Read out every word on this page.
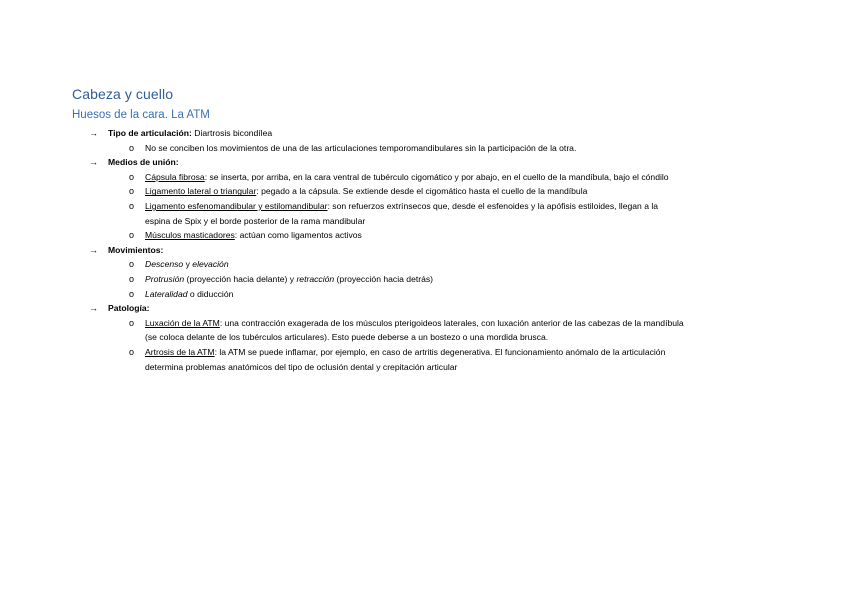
Cabeza y cuello
Huesos de la cara. La ATM

→ Tipo de articulación: Diartrosis bicondílea

o No se conciben los movimientos de una de las articulaciones temporomandibulares sin la participación de la otra.

→ Medios de unión:

o Cápsula fibrosa: se inserta, por arriba, en la cara ventral de tubérculo cigomático y por abajo, en el cuello de la mandíbula, bajo el cóndilo

o Ligamento lateral o triangular: pegado a la cápsula. Se extiende desde el cigomático hasta el cuello de la mandíbula

o Ligamento esfenomandibular y estilomandibular: son refuerzos extrínsecos que, desde el esfenoides y la apófisis estiloides, llegan a la
espina de Spix y el borde posterior de la rama mandibular

o Músculos masticadores: actúan como ligamentos activos

→ Movimientos:

o Descenso y elevación

o Protrusión (proyección hacia delante) y retracción (proyección hacia detrás)

o Lateralidad o diducción

→ Patología:

o Luxación de la ATM: una contracción exagerada de los músculos pterigoideos laterales, con luxación anterior de las cabezas de la mandíbula
(se coloca delante de los tubérculos articulares). Esto puede deberse a un bostezo o una mordida brusca.

o Artrosis de la ATM: la ATM se puede inflamar, por ejemplo, en caso de artritis degenerativa. El funcionamiento anómalo de la articulación
determina problemas anatómicos del tipo de oclusión dental y crepitación articular
